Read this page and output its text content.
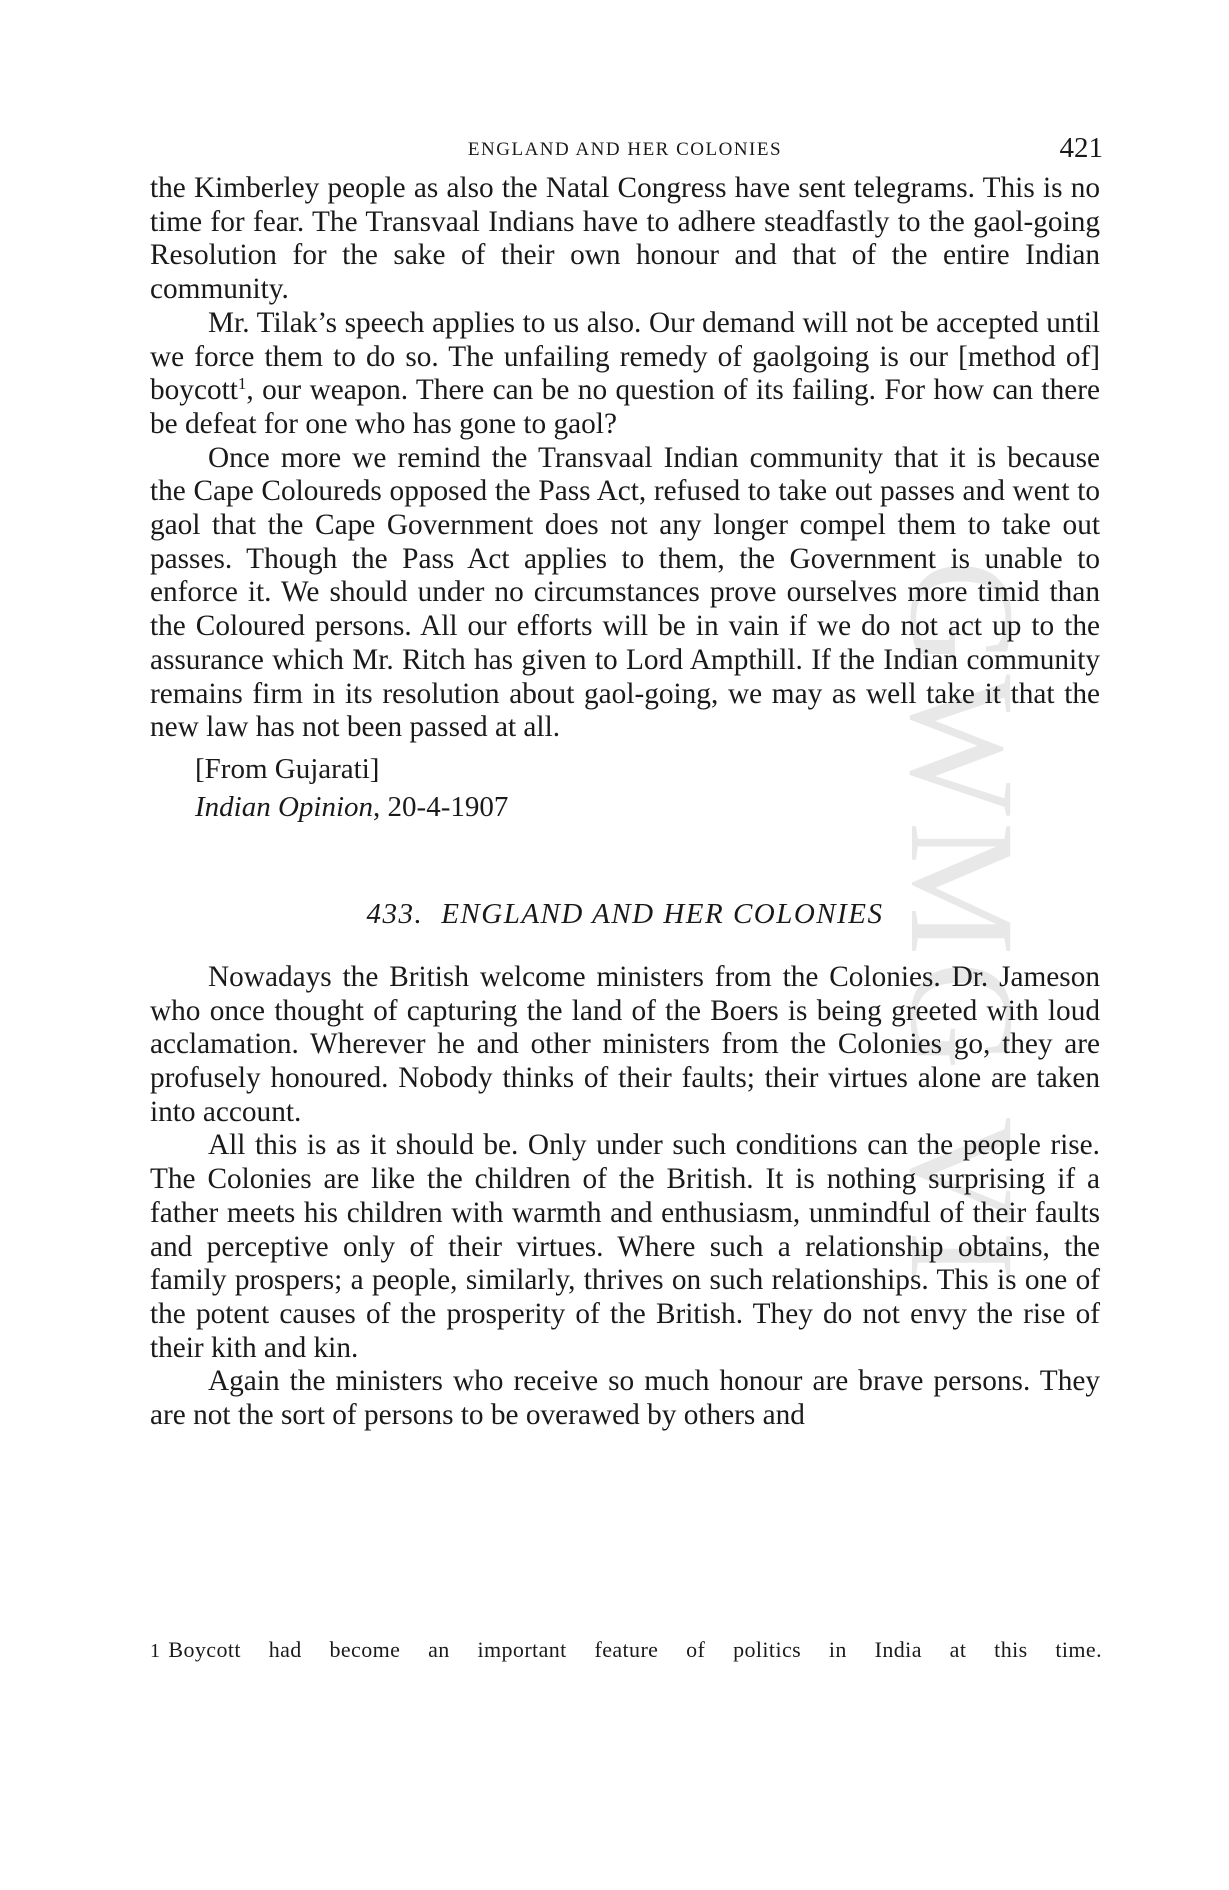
GWMG VI
ENGLAND AND HER COLONIES	421

the Kimberley people as also the Natal Congress have sent telegrams. This is no time for fear. The Transvaal Indians have to adhere steadfastly to the gaol-going Resolution for the sake of their own honour and that of the entire Indian community.

Mr. Tilak’s speech applies to us also. Our demand will not be accepted until we force them to do so. The unfailing remedy of gaolgoing is our [method of] boycott$^1$, our weapon. There can be no question of its failing. For how can there be defeat for one who has gone to gaol?

Once more we remind the Transvaal Indian community that it is because the Cape Coloureds opposed the Pass Act, refused to take out passes and went to gaol that the Cape Government does not any longer compel them to take out passes. Though the Pass Act applies to them, the Government is unable to enforce it. We should under no circumstances prove ourselves more timid than the Coloured persons. All our efforts will be in vain if we do not act up to the assurance which Mr. Ritch has given to Lord Ampthill. If the Indian community remains firm in its resolution about gaol-going, we may as well take it that the new law has not been passed at all.

[From Gujarati]
Indian Opinion, 20-4-1907
433. ENGLAND AND HER COLONIES

Nowadays the British welcome ministers from the Colonies. Dr. Jameson who once thought of capturing the land of the Boers is being greeted with loud acclamation. Wherever he and other ministers from the Colonies go, they are profusely honoured. Nobody thinks of their faults; their virtues alone are taken into account.

All this is as it should be. Only under such conditions can the people rise. The Colonies are like the children of the British. It is nothing surprising if a father meets his children with warmth and enthusiasm, unmindful of their faults and perceptive only of their virtues. Where such a relationship obtains, the family prospers; a people, similarly, thrives on such relationships. This is one of the potent causes of the prosperity of the British. They do not envy the rise of their kith and kin.

Again the ministers who receive so much honour are brave persons. They are not the sort of persons to be overawed by others and

1 Boycott had become an important feature of politics in India at this time.
